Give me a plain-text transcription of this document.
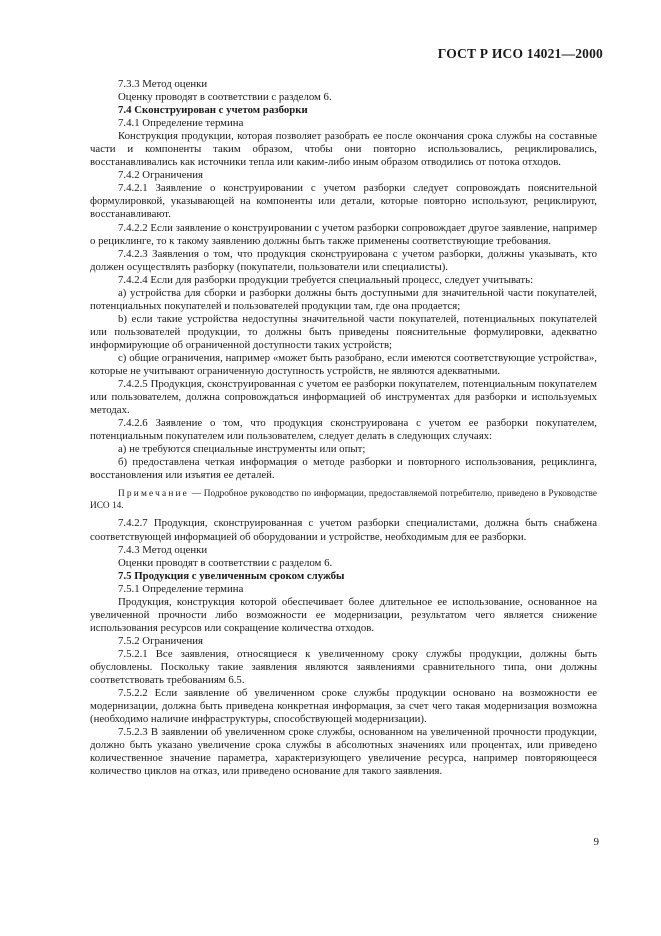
ГОСТ Р ИСО 14021—2000

7.3.3 Метод оценки

Оценку проводят в соответствии с разделом 6.

7.4 Сконструирован с учетом разборки

7.4.1 Определение термина

Конструкция продукции, которая позволяет разобрать ее после окончания срока службы на составные части и компоненты таким образом, чтобы они повторно использовались, рециклировались, восстанавливались как источники тепла или каким-либо иным образом отводились от потока отходов.

7.4.2 Ограничения

7.4.2.1 Заявление о конструировании с учетом разборки следует сопровождать пояснительной формулировкой, указывающей на компоненты или детали, которые повторно используют, рециклируют, восстанавливают.

7.4.2.2 Если заявление о конструировании с учетом разборки сопровождает другое заявление, например о рециклинге, то к такому заявлению должны быть также применены соответствующие требования.

7.4.2.3 Заявления о том, что продукция сконструирована с учетом разборки, должны указывать, кто должен осуществлять разборку (покупатели, пользователи или специалисты).

7.4.2.4 Если для разборки продукции требуется специальный процесс, следует учитывать:

a) устройства для сборки и разборки должны быть доступными для значительной части покупателей, потенциальных покупателей и пользователей продукции там, где она продается;

b) если такие устройства недоступны значительной части покупателей, потенциальных покупателей или пользователей продукции, то должны быть приведены пояснительные формулировки, адекватно информирующие об ограниченной доступности таких устройств;

c) общие ограничения, например «может быть разобрано, если имеются соответствующие устройства», которые не учитывают ограниченную доступность устройств, не являются адекватными.

7.4.2.5 Продукция, сконструированная с учетом ее разборки покупателем, потенциальным покупателем или пользователем, должна сопровождаться информацией об инструментах для разборки и используемых методах.

7.4.2.6 Заявление о том, что продукция сконструирована с учетом ее разборки покупателем, потенциальным покупателем или пользователем, следует делать в следующих случаях:

а) не требуются специальные инструменты или опыт;

б) предоставлена четкая информация о методе разборки и повторного использования, рециклинга, восстановления или изъятия ее деталей.

Примечание — Подробное руководство по информации, предоставляемой потребителю, приведено в Руководстве ИСО 14.

7.4.2.7 Продукция, сконструированная с учетом разборки специалистами, должна быть снабжена соответствующей информацией об оборудовании и устройстве, необходимым для ее разборки.

7.4.3 Метод оценки

Оценки проводят в соответствии с разделом 6.

7.5 Продукция с увеличенным сроком службы

7.5.1 Определение термина

Продукция, конструкция которой обеспечивает более длительное ее использование, основанное на увеличенной прочности либо возможности ее модернизации, результатом чего является снижение использования ресурсов или сокращение количества отходов.

7.5.2 Ограничения

7.5.2.1 Все заявления, относящиеся к увеличенному сроку службы продукции, должны быть обусловлены. Поскольку такие заявления являются заявлениями сравнительного типа, они должны соответствовать требованиям 6.5.

7.5.2.2 Если заявление об увеличенном сроке службы продукции основано на возможности ее модернизации, должна быть приведена конкретная информация, за счет чего такая модернизация возможна (необходимо наличие инфраструктуры, способствующей модернизации).

7.5.2.3 В заявлении об увеличенном сроке службы, основанном на увеличенной прочности продукции, должно быть указано увеличение срока службы в абсолютных значениях или процентах, или приведено количественное значение параметра, характеризующего увеличение ресурса, например повторяющееся количество циклов на отказ, или приведено основание для такого заявления.

9
